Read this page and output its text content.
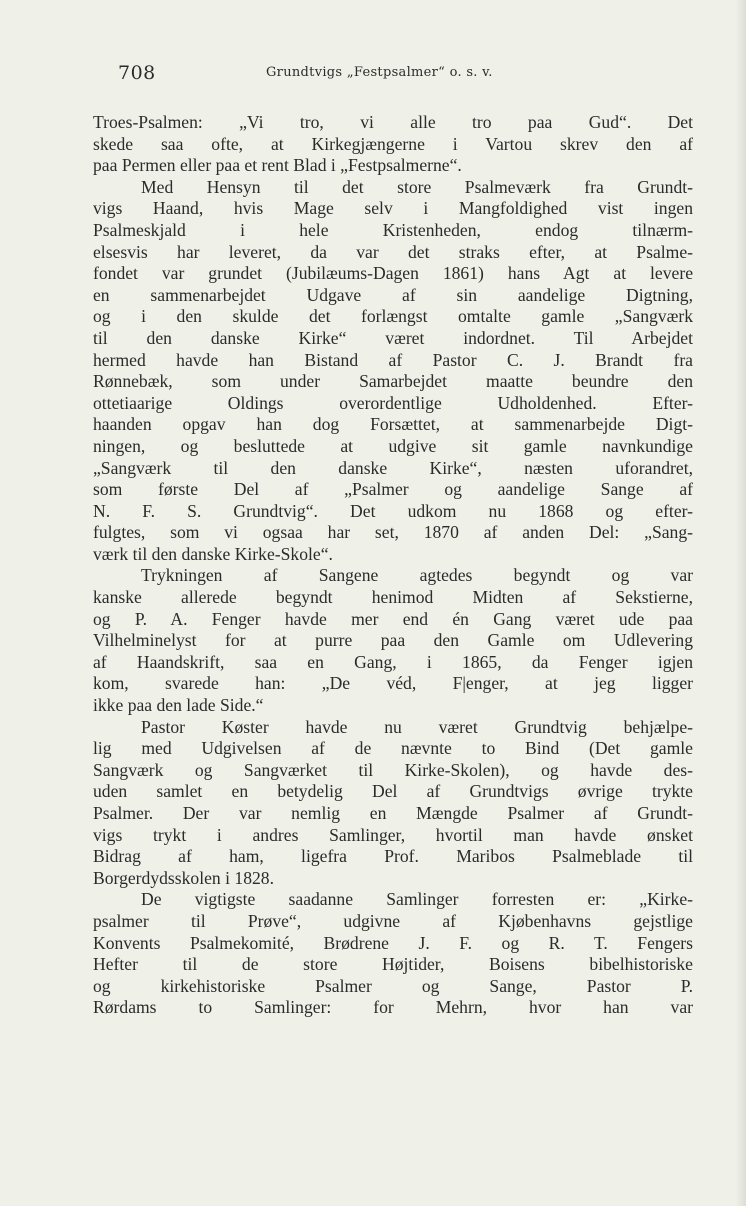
708	Grundtvigs „Festpsalmer“ o. s. v.
Troes-Psalmen: „Vi tro, vi alle tro paa Gud“. Det
skede saa ofte, at Kirkegjængerne i Vartou skrev den af
paa Permen eller paa et rent Blad i „Festpsalmerne“.
Med Hensyn til det store Psalmeværk fra Grundt-
vigs Haand, hvis Mage selv i Mangfoldighed vist ingen
Psalmeskjald i hele Kristenheden, endog tilnærm-
elsesvis har leveret, da var det straks efter, at Psalme-
fondet var grundet (Jubilæums-Dagen 1861) hans Agt at levere
en sammenarbejdet Udgave af sin aandelige Digtning,
og i den skulde det forlængst omtalte gamle „Sangværk
til den danske Kirke“ været indordnet. Til Arbejdet
hermed havde han Bistand af Pastor C. J. Brandt fra
Rønnebæk, som under Samarbejdet maatte beundre den
ottetiaarige Oldings overordentlige Udholdenhed. Efter-
haanden opgav han dog Forsættet, at sammenarbejde Digt-
ningen, og besluttede at udgive sit gamle navnkundige
„Sangværk til den danske Kirke“, næsten uforandret,
som første Del af „Psalmer og aandelige Sange af
N. F. S. Grundtvig“. Det udkom nu 1868 og efter-
fulgtes, som vi ogsaa har set, 1870 af anden Del: „Sang-
værk til den danske Kirke-Skole“.
Trykningen af Sangene agtedes begyndt og var
kanske allerede begyndt henimod Midten af Sekstierne,
og P. A. Fenger havde mer end én Gang været ude paa
Vilhelminelyst for at purre paa den Gamle om Udlevering
af Haandskrift, saa en Gang, i 1865, da Fenger igjen
kom, svarede han: „De véd, F|enger, at jeg ligger
ikke paa den lade Side.“
Pastor Køster havde nu været Grundtvig behjælpe-
lig med Udgivelsen af de nævnte to Bind (Det gamle
Sangværk og Sangværket til Kirke-Skolen), og havde des-
uden samlet en betydelig Del af Grundtvigs øvrige trykte
Psalmer. Der var nemlig en Mængde Psalmer af Grundt-
vigs trykt i andres Samlinger, hvortil man havde ønsket
Bidrag af ham, ligefra Prof. Maribos Psalmeblade til
Borgerdydsskolen i 1828.
De vigtigste saadanne Samlinger forresten er: „Kirke-
psalmer til Prøve“, udgivne af Kjøbenhavns gejstlige
Konvents Psalmekomité, Brødrene J. F. og R. T. Fengers
Hefter til de store Højtider, Boisens bibelhistoriske
og kirkehistoriske Psalmer og Sange, Pastor P.
Rørdams to Samlinger: for Mehrn, hvor han var
